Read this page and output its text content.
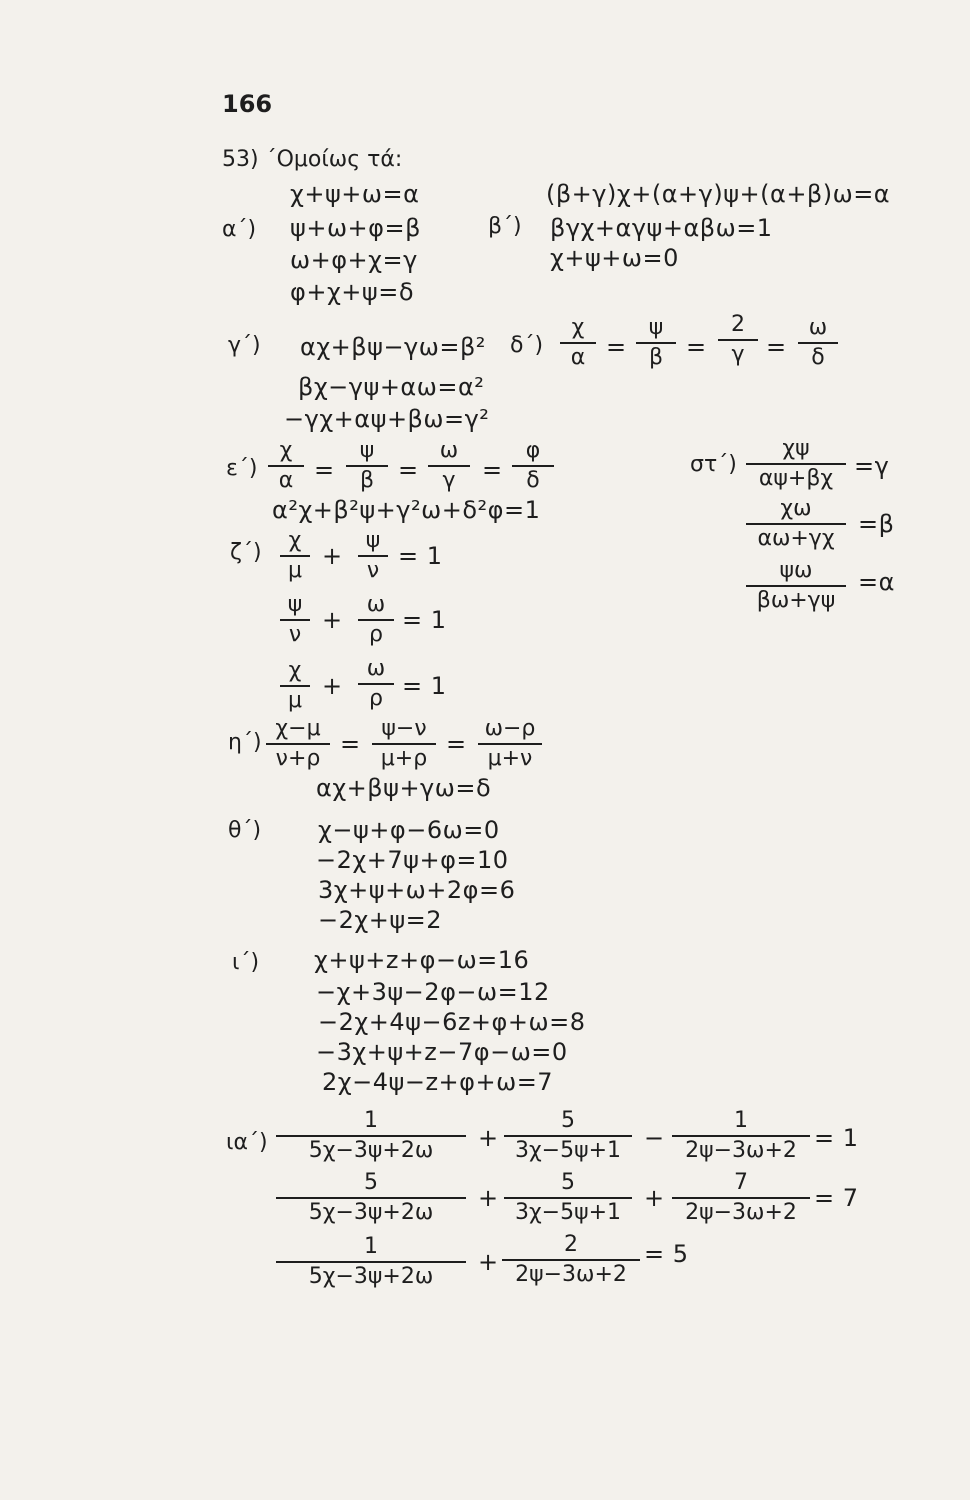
166
53) ΄Ομοίως τά:
α΄)
χ+ψ+ω=α
ψ+ω+φ=β
ω+φ+χ=γ
φ+χ+ψ=δ
β΄)
(β+γ)χ+(α+γ)ψ+(α+β)ω=α
βγχ+αγψ+αβω=1
χ+ψ+ω=0
γ΄) αχ+βψ−γω=β²
βχ−γψ+αω=α²
−γχ+αψ+βω=γ²
δ΄)
χ
α =
ψ
β =
2
γ =
ω
δ
ε΄)
χ
α =
ψ
β =
ω
γ	=
φ
δ
α²χ+β²ψ+γ²ω+δ²φ=1
στ΄)
χψ
αψ+βχ =γ
χω
αω+γχ
=β
ψω
βω+γψ
=α
ζ΄)	χ
μ
+
ψ
ν
= 1
ψ
ν
+
ω
ρ
= 1
χ
μ
+
ω
ρ = 1
η΄)
χ−μ
ν+ρ
=
ψ−ν
μ+ρ
=
ω−ρ
μ+ν
αχ+βψ+γω=δ
θ΄) χ−ψ+φ−6ω=0
−2χ+7ψ+φ=10
3χ+ψ+ω+2φ=6
−2χ+ψ=2
ι΄) χ+ψ+z+φ−ω=16
−χ+3ψ−2φ−ω=12
−2χ+4ψ−6z+φ+ω=8
−3χ+ψ+z−7φ−ω=0
2χ−4ψ−z+φ+ω=7
ια΄)
1
5χ−3ψ+2ω	+
5
3χ−5ψ+1 −
1
2ψ−3ω+2 = 1
5
5χ−3ψ+2ω
+
5
3χ−5ψ+1
+
7
2ψ−3ω+2
= 7
1
5χ−3ψ+2ω
+
2
2ψ−3ω+2
= 5
